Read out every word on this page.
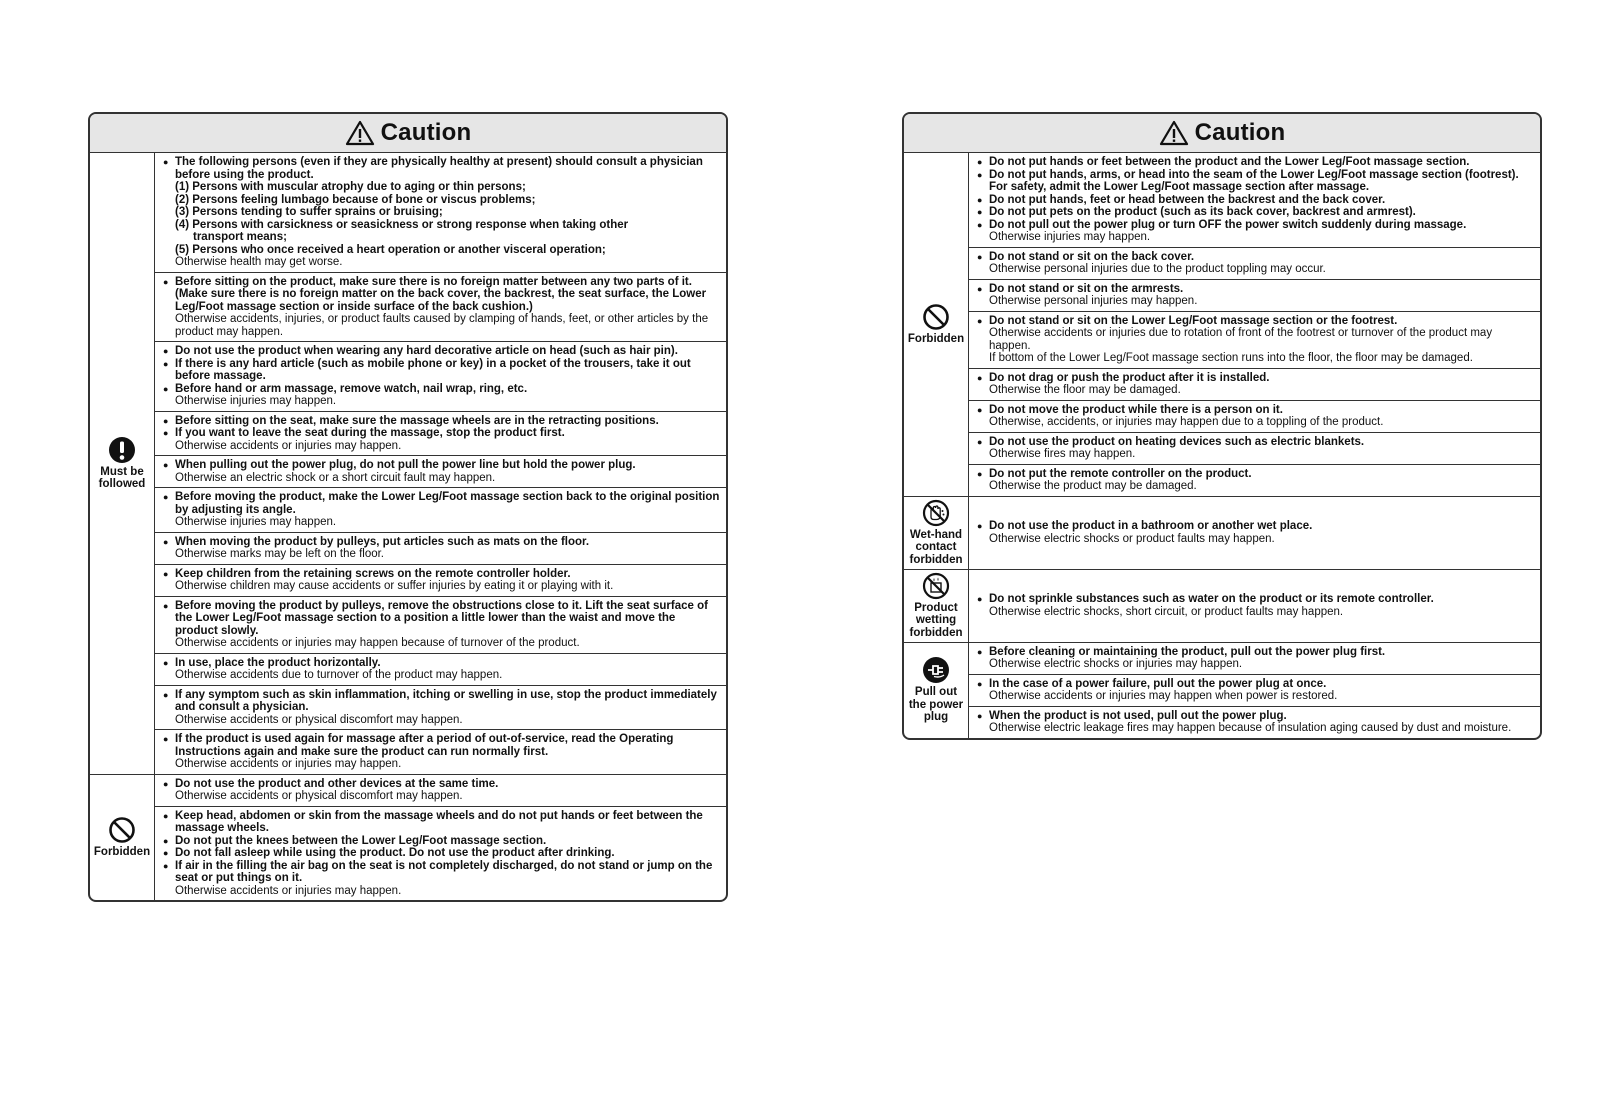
Caution
Must be
followed
● The following persons (even if they are physically healthy at present) should consult a physician before using the product.
(1) Persons with muscular atrophy due to aging or thin persons;
(2) Persons feeling lumbago because of bone or viscus problems;
(3) Persons tending to suffer sprains or bruising;
(4) Persons with carsickness or seasickness or strong response when taking other
transport means;
(5) Persons who once received a heart operation or another visceral operation;
Otherwise health may get worse.
● Before sitting on the product, make sure there is no foreign matter between any two parts of it.
(Make sure there is no foreign matter on the back cover, the backrest, the seat surface, the Lower Leg/Foot massage section or inside surface of the back cushion.)
Otherwise accidents, injuries, or product faults caused by clamping of hands, feet, or other articles by the product may happen.
● Do not use the product when wearing any hard decorative article on head (such as hair pin).
● If there is any hard article (such as mobile phone or key) in a pocket of the trousers, take it out before massage.
● Before hand or arm massage, remove watch, nail wrap, ring, etc.
Otherwise injuries may happen.
● Before sitting on the seat, make sure the massage wheels are in the retracting positions.
● If you want to leave the seat during the massage, stop the product first.
Otherwise accidents or injuries may happen.
● When pulling out the power plug, do not pull the power line but hold the power plug.
Otherwise an electric shock or a short circuit fault may happen.
● Before moving the product, make the Lower Leg/Foot massage section back to the original position by adjusting its angle.
Otherwise injuries may happen.
● When moving the product by pulleys, put articles such as mats on the floor.
Otherwise marks may be left on the floor.
● Keep children from the retaining screws on the remote controller holder.
Otherwise children may cause accidents or suffer injuries by eating it or playing with it.
● Before moving the product by pulleys, remove the obstructions close to it. Lift the seat surface of the Lower Leg/Foot massage section to a position a little lower than the waist and move the product slowly.
Otherwise accidents or injuries may happen because of turnover of the product.
● In use, place the product horizontally.
Otherwise accidents due to turnover of the product may happen.
● If any symptom such as skin inflammation, itching or swelling in use, stop the product immediately and consult a physician.
Otherwise accidents or physical discomfort may happen.
● If the product is used again for massage after a period of out-of-service, read the Operating Instructions again and make sure the product can run normally first.
Otherwise accidents or injuries may happen.
Forbidden
● Do not use the product and other devices at the same time.
Otherwise accidents or physical discomfort may happen.
● Keep head, abdomen or skin from the massage wheels and do not put hands or feet between the massage wheels.
● Do not put the knees between the Lower Leg/Foot massage section.
● Do not fall asleep while using the product. Do not use the product after drinking.
● If air in the filling the air bag on the seat is not completely discharged, do not stand or jump on the seat or put things on it.
Otherwise accidents or injuries may happen.
Caution
Forbidden
● Do not put hands or feet between the product and the Lower Leg/Foot massage section.
● Do not put hands, arms, or head into the seam of the Lower Leg/Foot massage section (footrest).
For safety, admit the Lower Leg/Foot massage section after massage.
● Do not put hands, feet or head between the backrest and the back cover.
● Do not put pets on the product (such as its back cover, backrest and armrest).
● Do not pull out the power plug or turn OFF the power switch suddenly during massage.
Otherwise injuries may happen.
● Do not stand or sit on the back cover.
Otherwise personal injuries due to the product toppling may occur.
● Do not stand or sit on the armrests.
Otherwise personal injuries may happen.
● Do not stand or sit on the Lower Leg/Foot massage section or the footrest.
Otherwise accidents or injuries due to rotation of front of the footrest or turnover of the product may happen.
If bottom of the Lower Leg/Foot massage section runs into the floor, the floor may be damaged.
● Do not drag or push the product after it is installed.
Otherwise the floor may be damaged.
● Do not move the product while there is a person on it.
Otherwise, accidents, or injuries may happen due to a toppling of the product.
● Do not use the product on heating devices such as electric blankets.
Otherwise fires may happen.
● Do not put the remote controller on the product.
Otherwise the product may be damaged.
Wet-hand
contact
forbidden
● Do not use the product in a bathroom or another wet place.
Otherwise electric shocks or product faults may happen.
Product
wetting
forbidden
● Do not sprinkle substances such as water on the product or its remote controller.
Otherwise electric shocks, short circuit, or product faults may happen.
Pull out
the power
plug
● Before cleaning or maintaining the product, pull out the power plug first.
Otherwise electric shocks or injuries may happen.
● In the case of a power failure, pull out the power plug at once.
Otherwise accidents or injuries may happen when power is restored.
● When the product is not used, pull out the power plug.
Otherwise electric leakage fires may happen because of insulation aging caused by dust and moisture.
